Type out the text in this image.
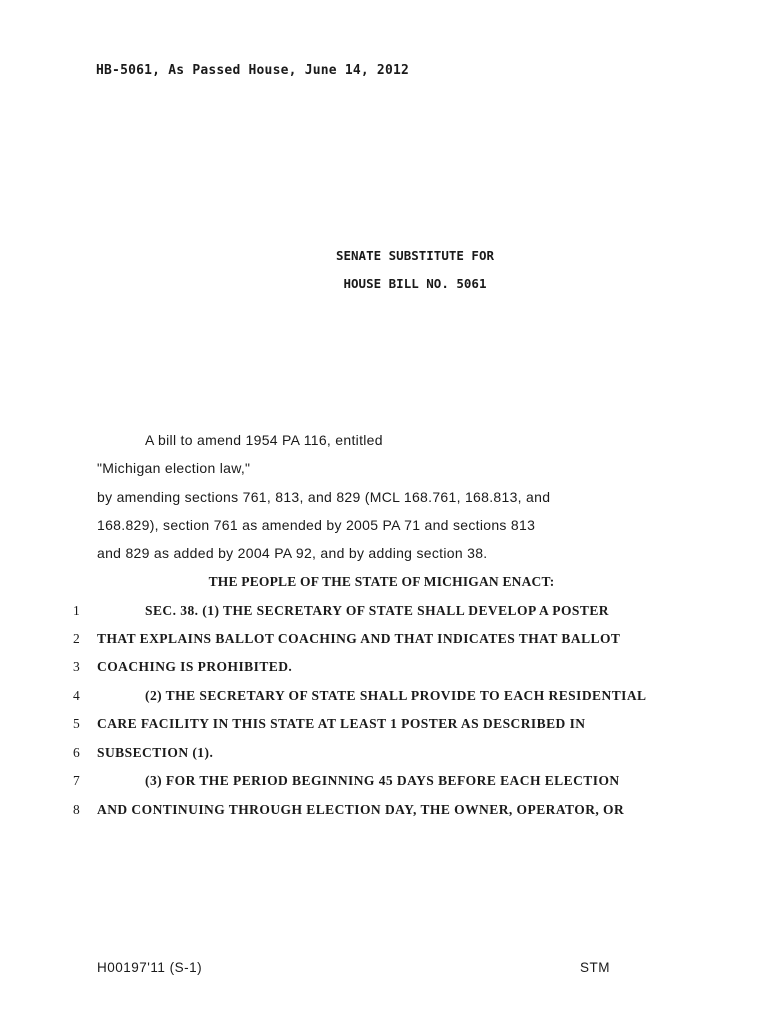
HB-5061, As Passed House, June 14, 2012
SENATE SUBSTITUTE FOR
HOUSE BILL NO. 5061
A bill to amend 1954 PA 116, entitled
"Michigan election law,"
by amending sections 761, 813, and 829 (MCL 168.761, 168.813, and
168.829), section 761 as amended by 2005 PA 71 and sections 813
and 829 as added by 2004 PA 92, and by adding section 38.
THE PEOPLE OF THE STATE OF MICHIGAN ENACT:
1	SEC. 38. (1) THE SECRETARY OF STATE SHALL DEVELOP A POSTER
2	THAT EXPLAINS BALLOT COACHING AND THAT INDICATES THAT BALLOT
3	COACHING IS PROHIBITED.
4	(2) THE SECRETARY OF STATE SHALL PROVIDE TO EACH RESIDENTIAL
5	CARE FACILITY IN THIS STATE AT LEAST 1 POSTER AS DESCRIBED IN
6	SUBSECTION (1).
7	(3) FOR THE PERIOD BEGINNING 45 DAYS BEFORE EACH ELECTION
8	AND CONTINUING THROUGH ELECTION DAY, THE OWNER, OPERATOR, OR
H00197'11 (S-1)	STM
